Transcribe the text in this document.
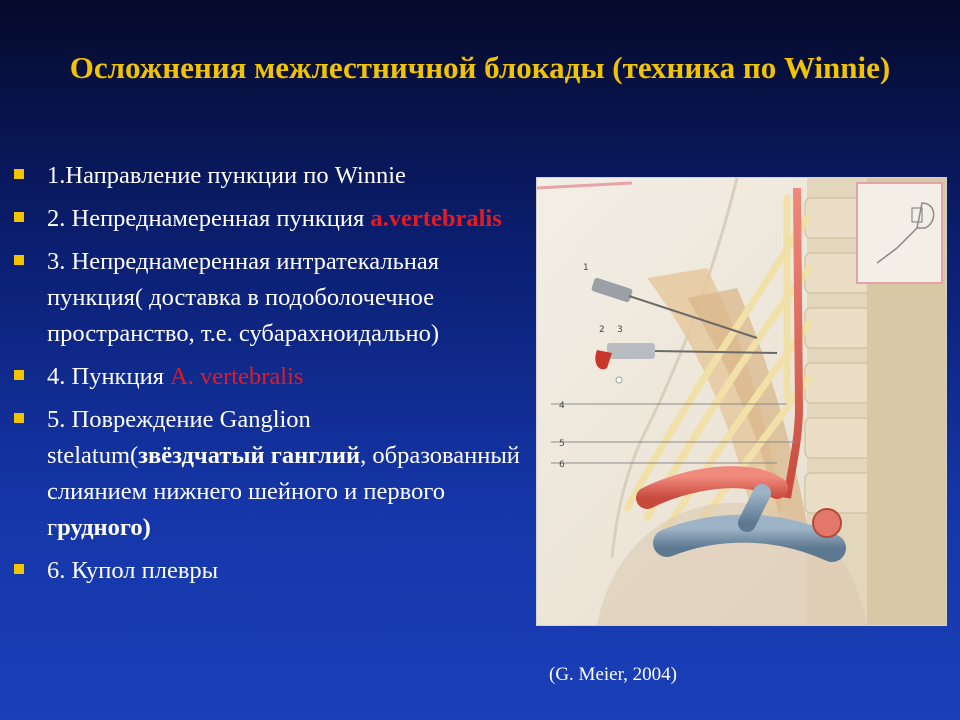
Осложнения межлестничной блокады (техника по Winnie)
1.Направление пункции по Winnie
2. Непреднамеренная пункция a.vertebralis
3. Непреднамеренная интратекальная пункция( доставка в подоболочечное пространство, т.е. субарахноидально)
4. Пункция A. vertebralis
5. Повреждение Ganglion stelatum(звёздчатый ганглий, образованный слиянием нижнего шейного и первого грудного)
6. Купол плевры
1
2 3
4
5
6
(G. Meier, 2004)
